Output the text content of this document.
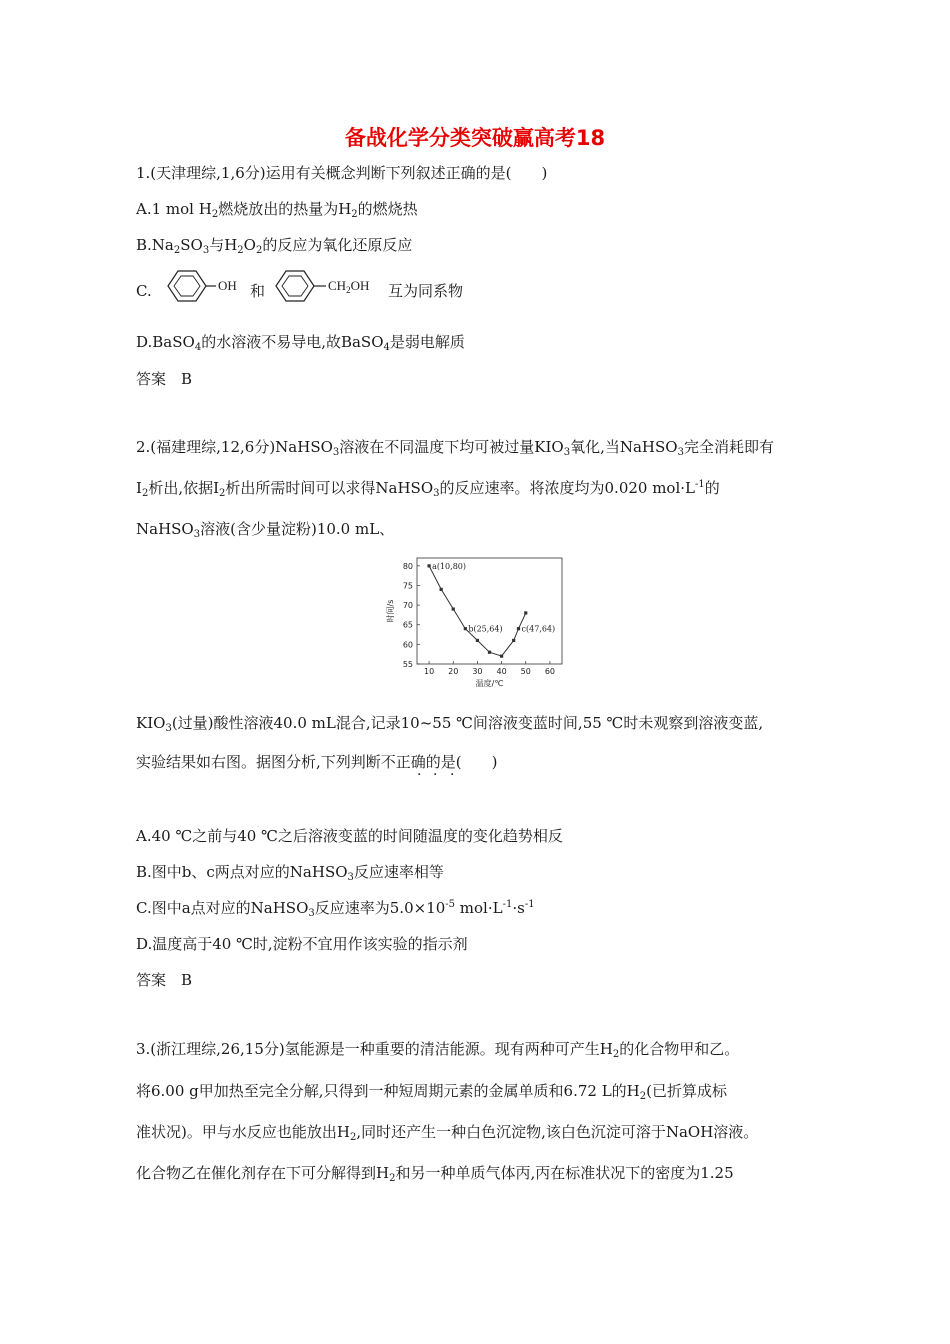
备战化学分类突破赢高考18
1.(天津理综,1,6分)运用有关概念判断下列叙述正确的是(　　)
A.1 mol $H_2$燃烧放出的热量为$H_2$的燃烧热
$B.Na_2SO_3$与$H_2O_2$的反应为氧化还原反应
C.	OH 和	$CH_2OH$ 互为同系物
D.BaSO$_4$的水溶液不易导电,故BaSO$_4$是弱电解质
答案　B
2.(福建理综,12,6分)NaHSO$_3$溶液在不同温度下均可被过量$KIO_3$氧化,当NaHSO$_3$完全消耗即有
$I_2$析出,依据$I_2$析出所需时间可以求得NaHSO$_3$的反应速率。将浓度均为0.020 $mol\cdot L^{-1}$的
NaHSO$_3$溶液(含少量淀粉)10.0 mL、
10 20 30 40 50 60
55
60
65
70
75
80 a(10,80)
b(25,64) c(47,64)
温度/℃
时间/s
$KIO_3$(过量)酸性溶液40.0 mL混合,记录10~55 ℃间溶液变蓝时间,55 ℃时未观察到溶液变蓝,
实验结果如右图。据图分析,下列判断不正确的是(　　)
· · ·
A.40 ℃之前与40 ℃之后溶液变蓝的时间随温度的变化趋势相反
B.图中b、c两点对应的NaHSO$_3$反应速率相等
C.图中a点对应的NaHSO$_3$反应速率为$5.0\times 10^{-5}$ $mol\cdot L^{-1}\cdot s^{-1}$
D.温度高于40 ℃时,淀粉不宜用作该实验的指示剂
答案　B
3.(浙江理综,26,15分)氢能源是一种重要的清洁能源。现有两种可产生$H_2$的化合物甲和乙。
将6.00 g甲加热至完全分解,只得到一种短周期元素的金属单质和6.72 L的$H_2$(已折算成标
准状况)。甲与水反应也能放出$H_2$,同时还产生一种白色沉淀物,该白色沉淀可溶于NaOH溶液。
化合物乙在催化剂存在下可分解得到$H_2$和另一种单质气体丙,丙在标准状况下的密度为1.25
